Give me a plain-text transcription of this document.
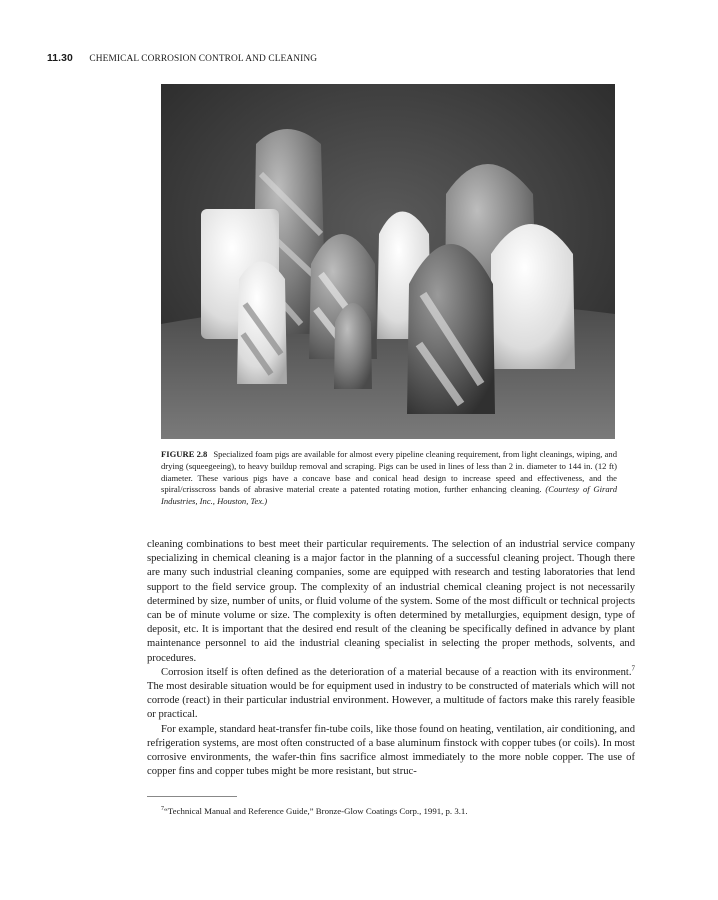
11.30 CHEMICAL CORROSION CONTROL AND CLEANING
FIGURE 2.8 Specialized foam pigs are available for almost every pipeline cleaning requirement, from light cleanings, wiping, and drying (squeegeeing), to heavy buildup removal and scraping. Pigs can be used in lines of less than 2 in. diameter to 144 in. (12 ft) diameter. These various pigs have a concave base and conical head design to increase speed and effectiveness, and the spiral/crisscross bands of abrasive material create a patented rotating motion, further enhancing cleaning. (Courtesy of Girard Industries, Inc., Houston, Tex.)

cleaning combinations to best meet their particular requirements. The selection of an industrial service company specializing in chemical cleaning is a major factor in the planning of a successful cleaning project. Though there are many such industrial cleaning companies, some are equipped with research and testing laboratories that lend support to the field service group. The complexity of an industrial chemical cleaning project is not necessarily determined by size, number of units, or fluid volume of the system. Some of the most difficult or technical projects can be of minute volume or size. The complexity is often determined by metallurgies, equipment design, type of deposit, etc. It is important that the desired end result of the cleaning be specifically defined in advance by plant maintenance personnel to aid the industrial cleaning specialist in selecting the proper methods, solvents, and procedures.

Corrosion itself is often defined as the deterioration of a material because of a reaction with its environment.$^7$ The most desirable situation would be for equipment used in industry to be constructed of materials which will not corrode (react) in their particular industrial environment. However, a multitude of factors make this rarely feasible or practical.

For example, standard heat-transfer fin-tube coils, like those found on heating, ventilation, air conditioning, and refrigeration systems, are most often constructed of a base aluminum finstock with copper tubes (or coils). In most corrosive environments, the wafer-thin fins sacrifice almost immediately to the more noble copper. The use of copper fins and copper tubes might be more resistant, but struc-

$^7$“Technical Manual and Reference Guide,” Bronze-Glow Coatings Corp., 1991, p. 3.1.
